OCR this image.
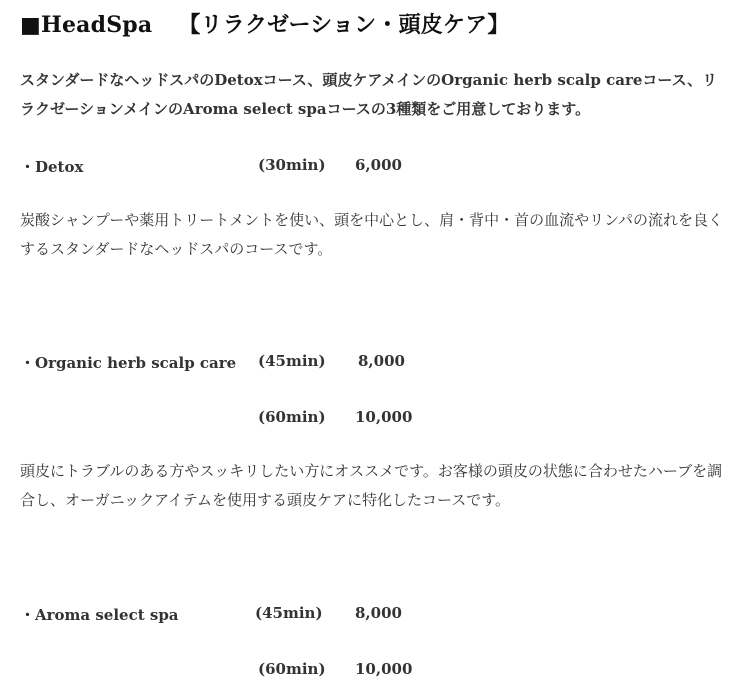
■HeadSpa 【リラクゼーション・頭皮ケア】
スタンダードなヘッドスパのDetoxコース、頭皮ケアメインのOrganic herb scalp careコース、リラクゼーションメインのAroma select spaコースの3種類をご用意しております。
・Detox	(30min) 6,000
炭酸シャンプーや薬用トリートメントを使い、頭を中心とし、肩・背中・首の血流やリンパの流れを良くするスタンダードなヘッドスパのコースです。
・Organic herb scalp care (45min) 8,000
(60min) 10,000
頭皮にトラブルのある方やスッキリしたい方にオススメです。お客様の頭皮の状態に合わせたハーブを調合し、オーガニックアイテムを使用する頭皮ケアに特化したコースです。
・Aroma select spa	(45min) 8,000
(60min) 10,000
